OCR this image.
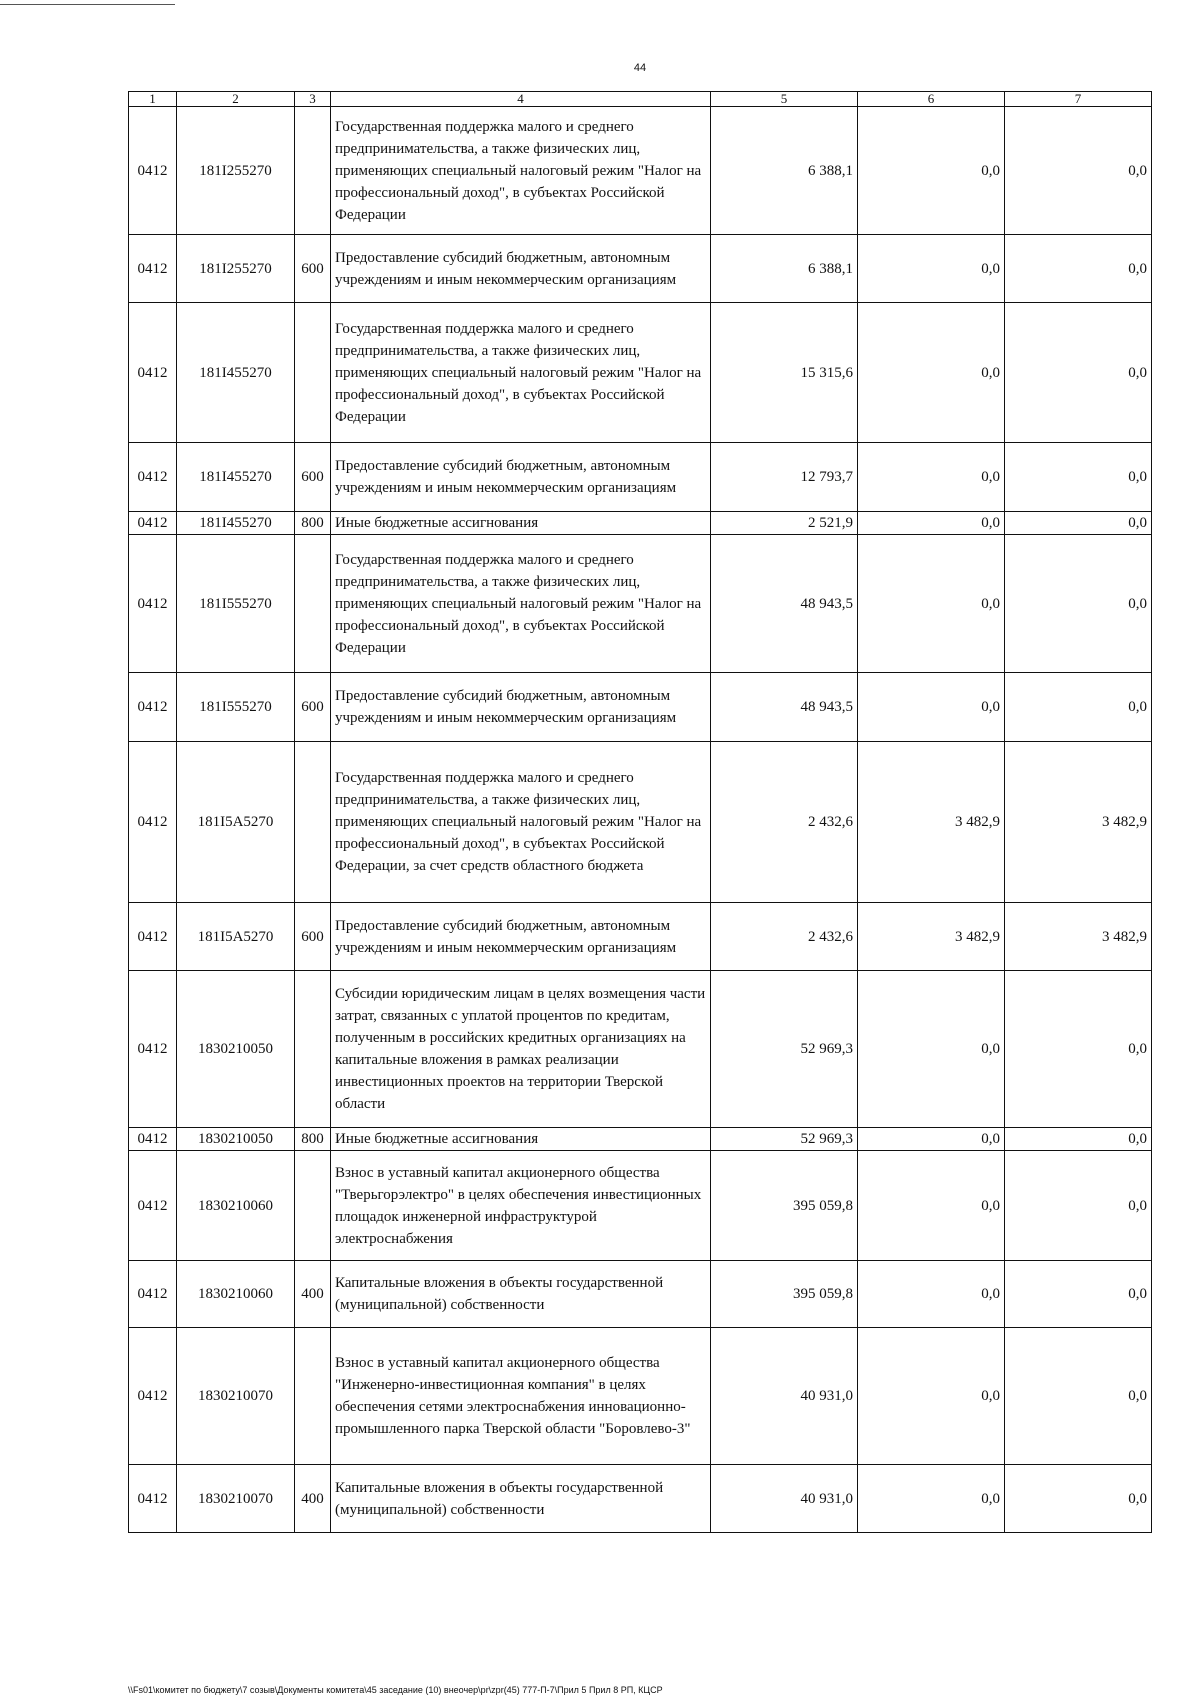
44
1	2	3	4	5	6	7
0412	181I255270		Государственная поддержка малого и среднего предпринимательства, а также физических лиц, применяющих специальный налоговый режим "Налог на профессиональный доход", в субъектах Российской Федерации	6 388,1	0,0	0,0
0412	181I255270	600	Предоставление субсидий бюджетным, автономным учреждениям и иным некоммерческим организациям	6 388,1	0,0	0,0
0412	181I455270		Государственная поддержка малого и среднего предпринимательства, а также физических лиц, применяющих специальный налоговый режим "Налог на профессиональный доход", в субъектах Российской Федерации	15 315,6	0,0	0,0
0412	181I455270	600	Предоставление субсидий бюджетным, автономным учреждениям и иным некоммерческим организациям	12 793,7	0,0	0,0
0412	181I455270	800	Иные бюджетные ассигнования	2 521,9	0,0	0,0
0412	181I555270		Государственная поддержка малого и среднего предпринимательства, а также физических лиц, применяющих специальный налоговый режим "Налог на профессиональный доход", в субъектах Российской Федерации	48 943,5	0,0	0,0
0412	181I555270	600	Предоставление субсидий бюджетным, автономным учреждениям и иным некоммерческим организациям	48 943,5	0,0	0,0
0412	181I5A5270		Государственная поддержка малого и среднего предпринимательства, а также физических лиц, применяющих специальный налоговый режим "Налог на профессиональный доход", в субъектах Российской Федерации, за счет средств областного бюджета	2 432,6	3 482,9	3 482,9
0412	181I5A5270	600	Предоставление субсидий бюджетным, автономным учреждениям и иным некоммерческим организациям	2 432,6	3 482,9	3 482,9
0412	1830210050		Субсидии юридическим лицам в целях возмещения части затрат, связанных с уплатой процентов по кредитам, полученным в российских кредитных организациях на капитальные вложения в рамках реализации инвестиционных проектов на территории Тверской области	52 969,3	0,0	0,0
0412	1830210050	800	Иные бюджетные ассигнования	52 969,3	0,0	0,0
0412	1830210060		Взнос в уставный капитал акционерного общества "Тверьгорэлектро" в целях обеспечения инвестиционных площадок инженерной инфраструктурой электроснабжения	395 059,8	0,0	0,0
0412	1830210060	400	Капитальные вложения в объекты государственной (муниципальной) собственности	395 059,8	0,0	0,0
0412	1830210070		Взнос в уставный капитал акционерного общества "Инженерно-инвестиционная компания" в целях обеспечения сетями электроснабжения инновационно-промышленного парка Тверской области "Боровлево-3"	40 931,0	0,0	0,0
0412	1830210070	400	Капитальные вложения в объекты государственной (муниципальной) собственности	40 931,0	0,0	0,0
\\Fs01\комитет по бюджету\7 созыв\Документы комитета\45 заседание (10) внеочер\pr\zpr(45) 777-П-7\Прил 5 Прил 8 РП, КЦСР
